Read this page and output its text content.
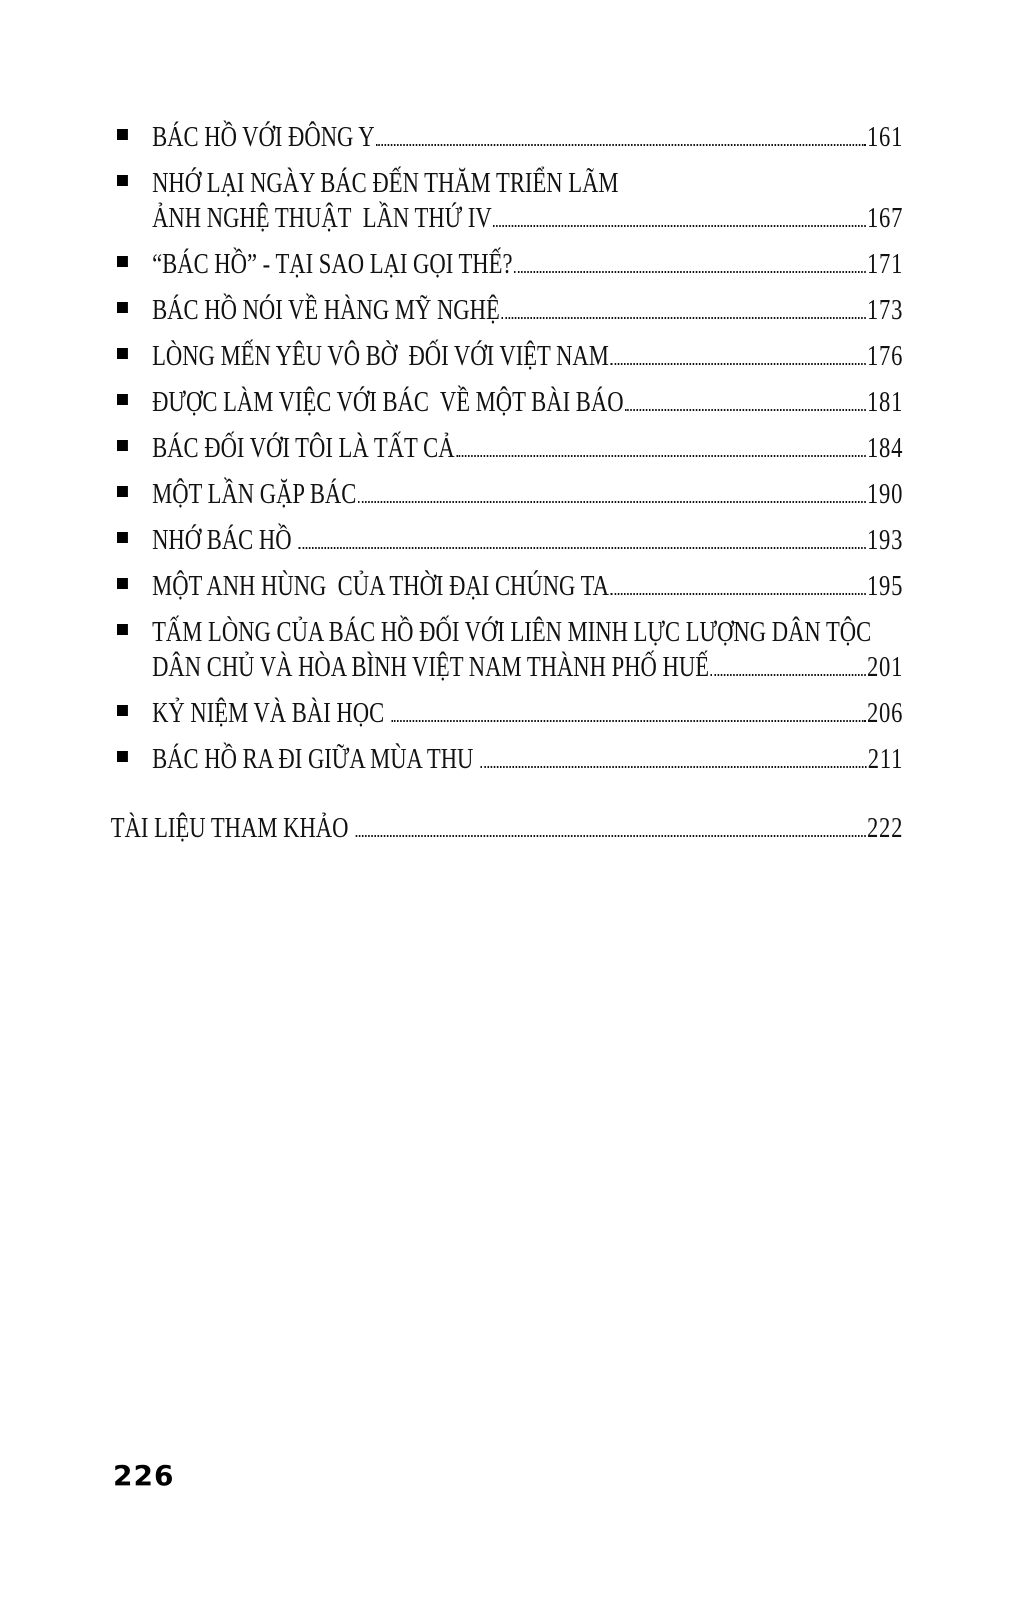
BÁC HỒ VỚI ĐÔNG Y	161
NHỚ LẠI NGÀY BÁC ĐẾN THĂM TRIỂN LÃM
ẢNH NGHỆ THUẬT  LẦN THỨ IV	167
“BÁC HỒ” - TẠI SAO LẠI GỌI THẾ?	171
BÁC HỒ NÓI VỀ HÀNG MỸ NGHỆ	173
LÒNG MẾN YÊU VÔ BỜ  ĐỐI VỚI VIỆT NAM	176
ĐƯỢC LÀM VIỆC VỚI BÁC  VỀ MỘT BÀI BÁO	181
BÁC ĐỐI VỚI TÔI LÀ TẤT CẢ	184
MỘT LẦN GẶP BÁC	190
NHỚ BÁC HỒ	193
MỘT ANH HÙNG  CỦA THỜI ĐẠI CHÚNG TA	195
TẤM LÒNG CỦA BÁC HỒ ĐỐI VỚI LIÊN MINH LỰC LƯỢNG DÂN TỘC
DÂN CHỦ VÀ HÒA BÌNH VIỆT NAM THÀNH PHỐ HUẾ	201
KỶ NIỆM VÀ BÀI HỌC	206
BÁC HỒ RA ĐI GIỮA MÙA THU	211
TÀI LIỆU THAM KHẢO	222
226
